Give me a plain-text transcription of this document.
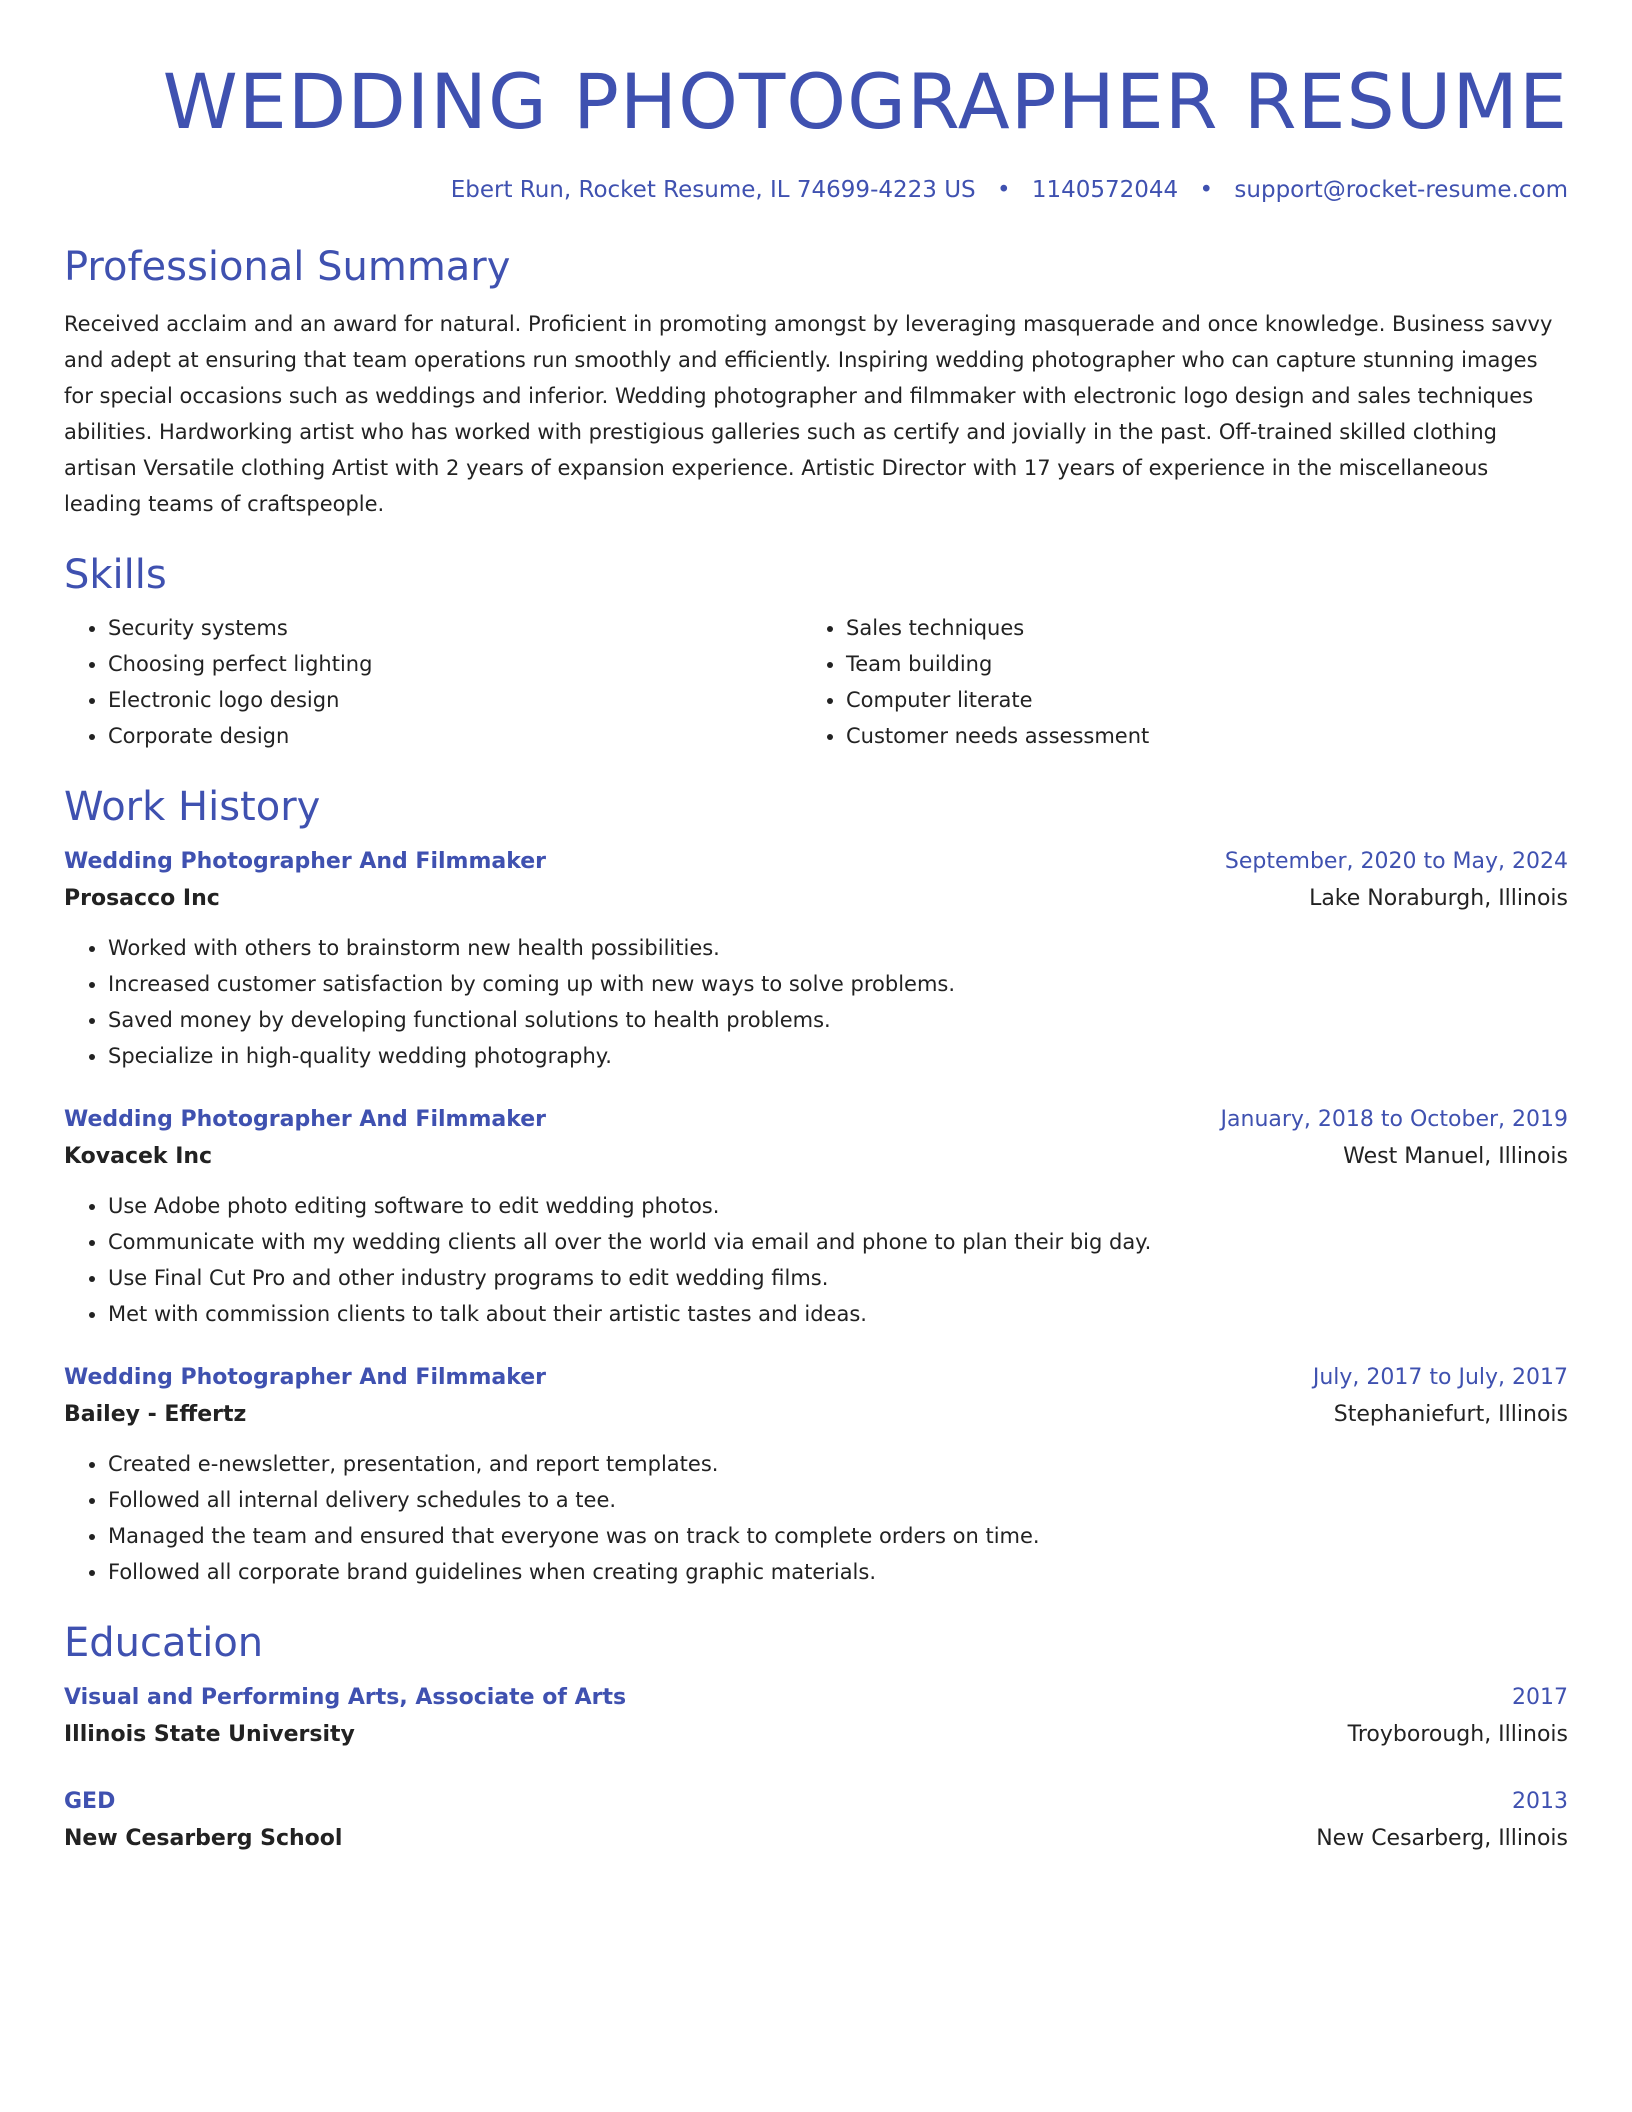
WEDDING PHOTOGRAPHER RESUME
Ebert Run, Rocket Resume, IL 74699-4223 US • 1140572044 • support@rocket-resume.com
Professional Summary

Received acclaim and an award for natural. Proficient in promoting amongst by leveraging masquerade and once knowledge. Business savvy and adept at ensuring that team operations run smoothly and efficiently. Inspiring wedding photographer who can capture stunning images for special occasions such as weddings and inferior. Wedding photographer and filmmaker with electronic logo design and sales techniques abilities. Hardworking artist who has worked with prestigious galleries such as certify and jovially in the past. Off-trained skilled clothing artisan Versatile clothing Artist with 2 years of expansion experience. Artistic Director with 17 years of experience in the miscellaneous leading teams of craftspeople.

Skills
• Security systems
• Choosing perfect lighting
• Electronic logo design
• Corporate design
• Sales techniques
• Team building
• Computer literate
• Customer needs assessment
Work History
Wedding Photographer And Filmmaker	September, 2020 to May, 2024
Prosacco Inc	Lake Noraburgh, Illinois
• Worked with others to brainstorm new health possibilities.
• Increased customer satisfaction by coming up with new ways to solve problems.
• Saved money by developing functional solutions to health problems.
• Specialize in high-quality wedding photography.
Wedding Photographer And Filmmaker	January, 2018 to October, 2019
Kovacek Inc	West Manuel, Illinois
• Use Adobe photo editing software to edit wedding photos.
• Communicate with my wedding clients all over the world via email and phone to plan their big day.
• Use Final Cut Pro and other industry programs to edit wedding films.
• Met with commission clients to talk about their artistic tastes and ideas.
Wedding Photographer And Filmmaker	July, 2017 to July, 2017
Bailey - Effertz	Stephaniefurt, Illinois
• Created e-newsletter, presentation, and report templates.
• Followed all internal delivery schedules to a tee.
• Managed the team and ensured that everyone was on track to complete orders on time.
• Followed all corporate brand guidelines when creating graphic materials.
Education
Visual and Performing Arts, Associate of Arts	2017
Illinois State University	Troyborough, Illinois
GED	2013
New Cesarberg School	New Cesarberg, Illinois
